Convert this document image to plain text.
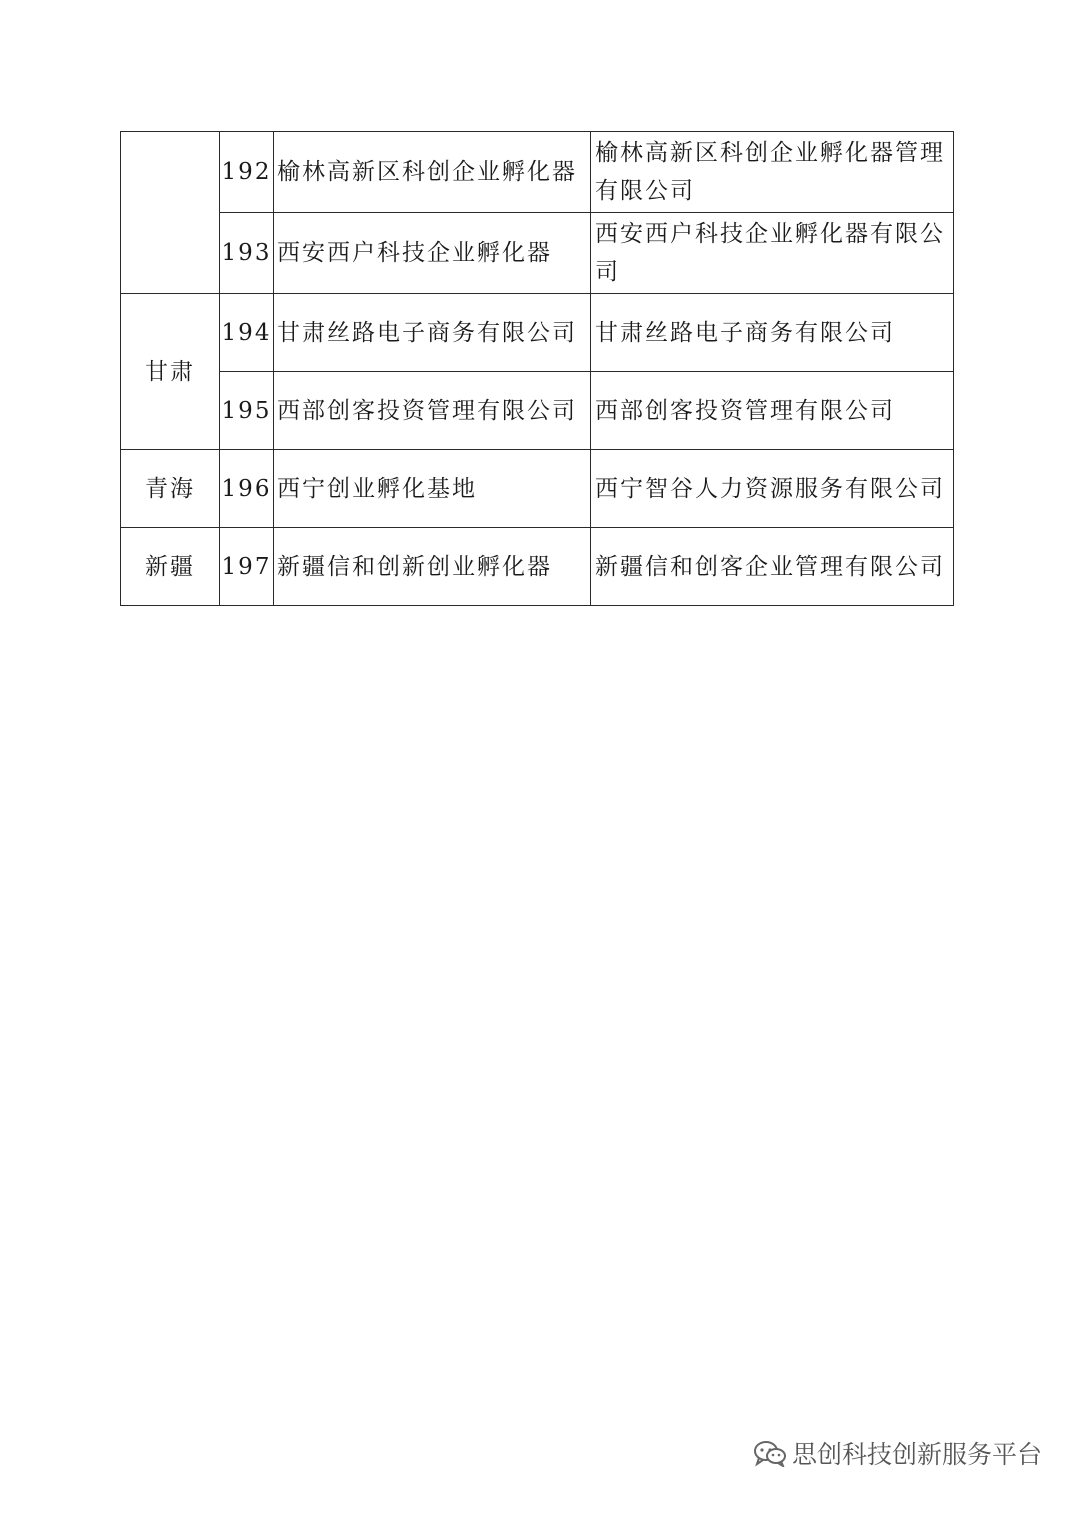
	192	榆林高新区科创企业孵化器	榆林高新区科创企业孵化器管理有限公司
	193	西安西户科技企业孵化器	西安西户科技企业孵化器有限公司
甘肃	194	甘肃丝路电子商务有限公司	甘肃丝路电子商务有限公司
	195	西部创客投资管理有限公司	西部创客投资管理有限公司
青海	196	西宁创业孵化基地	西宁智谷人力资源服务有限公司
新疆	197	新疆信和创新创业孵化器	新疆信和创客企业管理有限公司
思创科技创新服务平台
